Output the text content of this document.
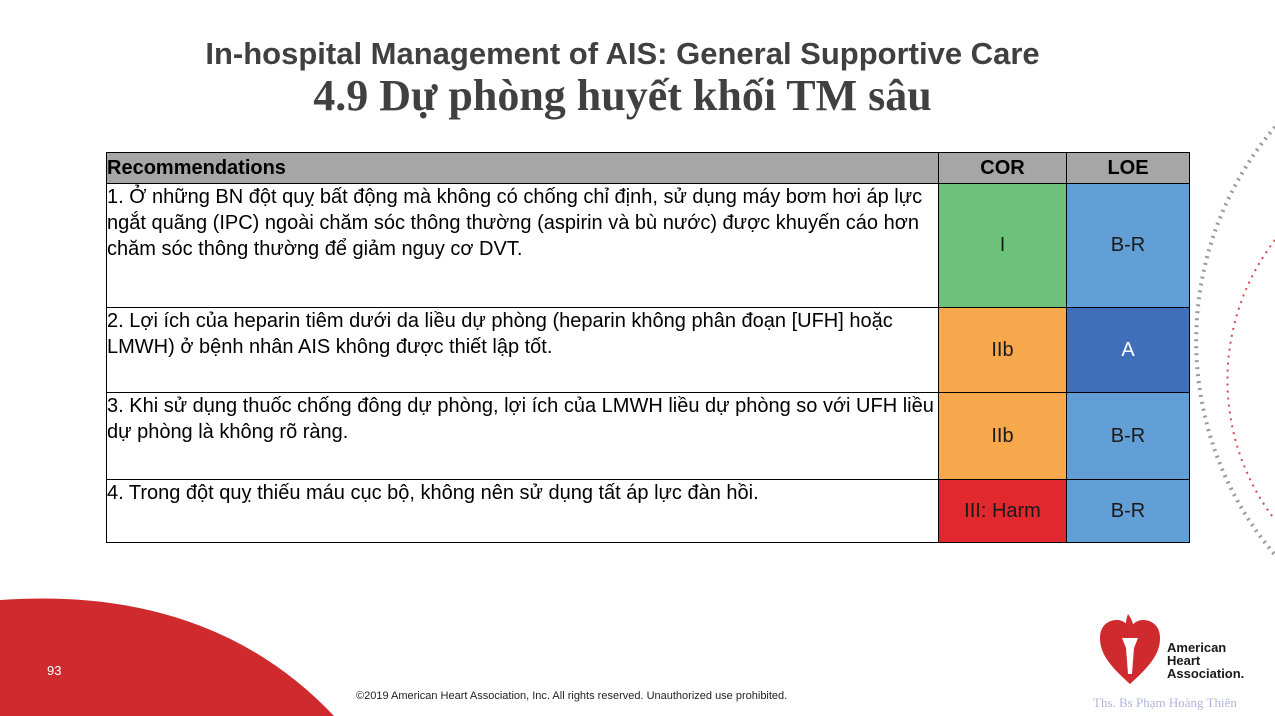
In-hospital Management of AIS: General Supportive Care
4.9 Dự phòng huyết khối TM sâu
Recommendations	COR	LOE
1. Ở những BN đột quỵ bất động mà không có chống chỉ định, sử dụng máy bơm hơi áp lực ngắt quãng (IPC) ngoài chăm sóc thông thường (aspirin và bù nước) được khuyến cáo hơn chăm sóc thông thường để giảm nguy cơ DVT.	I	B-R
2. Lợi ích của heparin tiêm dưới da liều dự phòng (heparin không phân đoạn [UFH] hoặc LMWH) ở bệnh nhân AIS không được thiết lập tốt.	IIb	A
3. Khi sử dụng thuốc chống đông dự phòng, lợi ích của LMWH liều dự phòng so với UFH liều dự phòng là không rõ ràng.	IIb	B-R
4. Trong đột quỵ thiếu máu cục bộ, không nên sử dụng tất áp lực đàn hồi.	III: Harm	B-R
93
©2019 American Heart Association, Inc. All rights reserved. Unauthorized use prohibited.
American
Heart
Association.
Ths. Bs Phạm Hoàng Thiên
